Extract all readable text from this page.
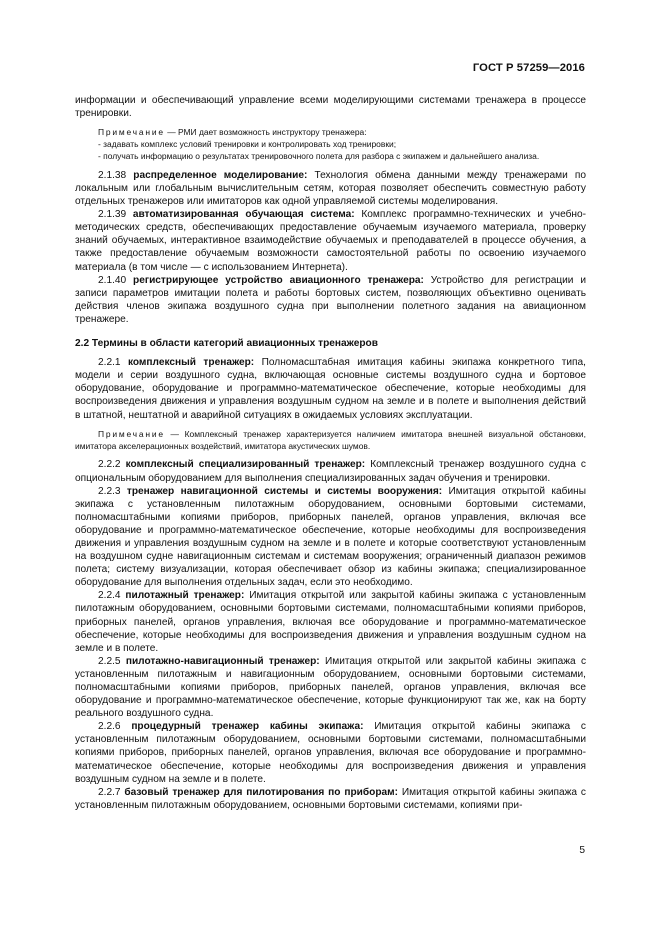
ГОСТ Р 57259—2016

информации и обеспечивающий управление всеми моделирующими системами тренажера в процессе тренировки.

Примечание — РМИ дает возможность инструктору тренажера:

- задавать комплекс условий тренировки и контролировать ход тренировки;

- получать информацию о результатах тренировочного полета для разбора с экипажем и дальнейшего анализа.

2.1.38 распределенное моделирование: Технология обмена данными между тренажерами по локальным или глобальным вычислительным сетям, которая позволяет обеспечить совместную работу отдельных тренажеров или имитаторов как одной управляемой системы моделирования.

2.1.39 автоматизированная обучающая система: Комплекс программно-технических и учебно-методических средств, обеспечивающих предоставление обучаемым изучаемого материала, проверку знаний обучаемых, интерактивное взаимодействие обучаемых и преподавателей в процессе обучения, а также предоставление обучаемым возможности самостоятельной работы по освоению изучаемого материала (в том числе — с использованием Интернета).

2.1.40 регистрирующее устройство авиационного тренажера: Устройство для регистрации и записи параметров имитации полета и работы бортовых систем, позволяющих объективно оценивать действия членов экипажа воздушного судна при выполнении полетного задания на авиационном тренажере.

2.2 Термины в области категорий авиационных тренажеров

2.2.1 комплексный тренажер: Полномасштабная имитация кабины экипажа конкретного типа, модели и серии воздушного судна, включающая основные системы воздушного судна и бортовое оборудование, оборудование и программно-математическое обеспечение, которые необходимы для воспроизведения движения и управления воздушным судном на земле и в полете и выполнения действий в штатной, нештатной и аварийной ситуациях в ожидаемых условиях эксплуатации.

Примечание — Комплексный тренажер характеризуется наличием имитатора внешней визуальной обстановки, имитатора акселерационных воздействий, имитатора акустических шумов.

2.2.2 комплексный специализированный тренажер: Комплексный тренажер воздушного судна с опциональным оборудованием для выполнения специализированных задач обучения и тренировки.

2.2.3 тренажер навигационной системы и системы вооружения: Имитация открытой кабины экипажа с установленным пилотажным оборудованием, основными бортовыми системами, полномасштабными копиями приборов, приборных панелей, органов управления, включая все оборудование и программно-математическое обеспечение, которые необходимы для воспроизведения движения и управления воздушным судном на земле и в полете и которые соответствуют установленным на воздушном судне навигационным системам и системам вооружения; ограниченный диапазон режимов полета; систему визуализации, которая обеспечивает обзор из кабины экипажа; специализированное оборудование для выполнения отдельных задач, если это необходимо.

2.2.4 пилотажный тренажер: Имитация открытой или закрытой кабины экипажа с установленным пилотажным оборудованием, основными бортовыми системами, полномасштабными копиями приборов, приборных панелей, органов управления, включая все оборудование и программно-математическое обеспечение, которые необходимы для воспроизведения движения и управления воздушным судном на земле и в полете.

2.2.5 пилотажно-навигационный тренажер: Имитация открытой или закрытой кабины экипажа с установленным пилотажным и навигационным оборудованием, основными бортовыми системами, полномасштабными копиями приборов, приборных панелей, органов управления, включая все оборудование и программно-математическое обеспечение, которые функционируют так же, как на борту реального воздушного судна.

2.2.6 процедурный тренажер кабины экипажа: Имитация открытой кабины экипажа с установленным пилотажным оборудованием, основными бортовыми системами, полномасштабными копиями приборов, приборных панелей, органов управления, включая все оборудование и программно-математическое обеспечение, которые необходимы для воспроизведения движения и управления воздушным судном на земле и в полете.

2.2.7 базовый тренажер для пилотирования по приборам: Имитация открытой кабины экипажа с установленным пилотажным оборудованием, основными бортовыми системами, копиями при-

5
